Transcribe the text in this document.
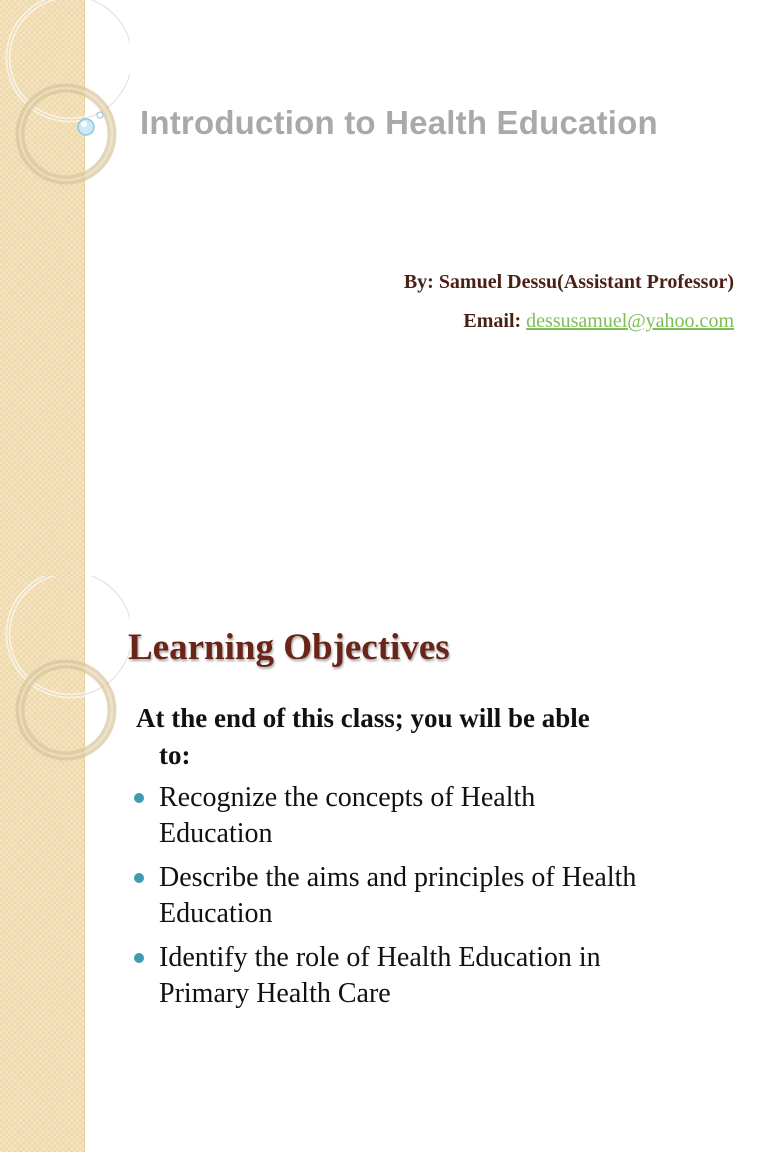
Introduction to Health Education
By: Samuel Dessu(Assistant Professor)
Email: dessusamuel@yahoo.com
Learning Objectives
At the end of this class; you will be able
to:
Recognize the concepts of Health
Education
Describe the aims and principles of Health
Education
Identify the role of Health Education in
Primary Health Care
